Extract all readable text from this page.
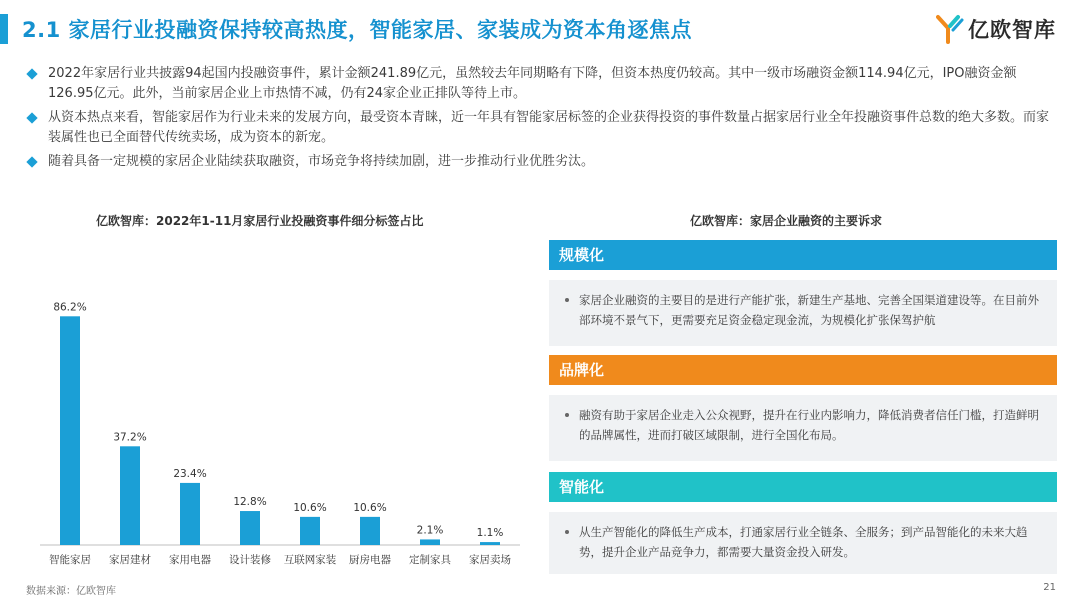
2.1 家居行业投融资保持较高热度，智能家居、家装成为资本角逐焦点	亿欧智库
2022年家居行业共披露94起国内投融资事件，累计金额241.89亿元，虽然较去年同期略有下降，但资本热度仍较高。其中一级市场融资金额114.94亿元，IPO融资金额126.95亿元。此外，当前家居企业上市热情不减，仍有24家企业正排队等待上市。
从资本热点来看，智能家居作为行业未来的发展方向，最受资本青睐，近一年具有智能家居标签的企业获得投资的事件数量占据家居行业全年投融资事件总数的绝大多数。而家装属性也已全面替代传统卖场，成为资本的新宠。
随着具备一定规模的家居企业陆续获取融资，市场竞争将持续加剧，进一步推动行业优胜劣汰。
亿欧智库：2022年1-11月家居行业投融资事件细分标签占比
86.2%
智能家居
37.2%
家居建材
23.4%
家用电器
12.8%
设计装修
10.6%
互联网家装
10.6%
厨房电器
2.1%
定制家具
1.1%
家居卖场
亿欧智库：家居企业融资的主要诉求
规模化
家居企业融资的主要目的是进行产能扩张，新建生产基地、完善全国渠道建设等。在目前外部环境不景气下，更需要充足资金稳定现金流，为规模化扩张保驾护航
品牌化
融资有助于家居企业走入公众视野，提升在行业内影响力，降低消费者信任门槛，打造鲜明的品牌属性，进而打破区域限制，进行全国化布局。
智能化
从生产智能化的降低生产成本，打通家居行业全链条、全服务；到产品智能化的未来大趋势，提升企业产品竞争力，都需要大量资金投入研发。
数据来源：亿欧智库	21
